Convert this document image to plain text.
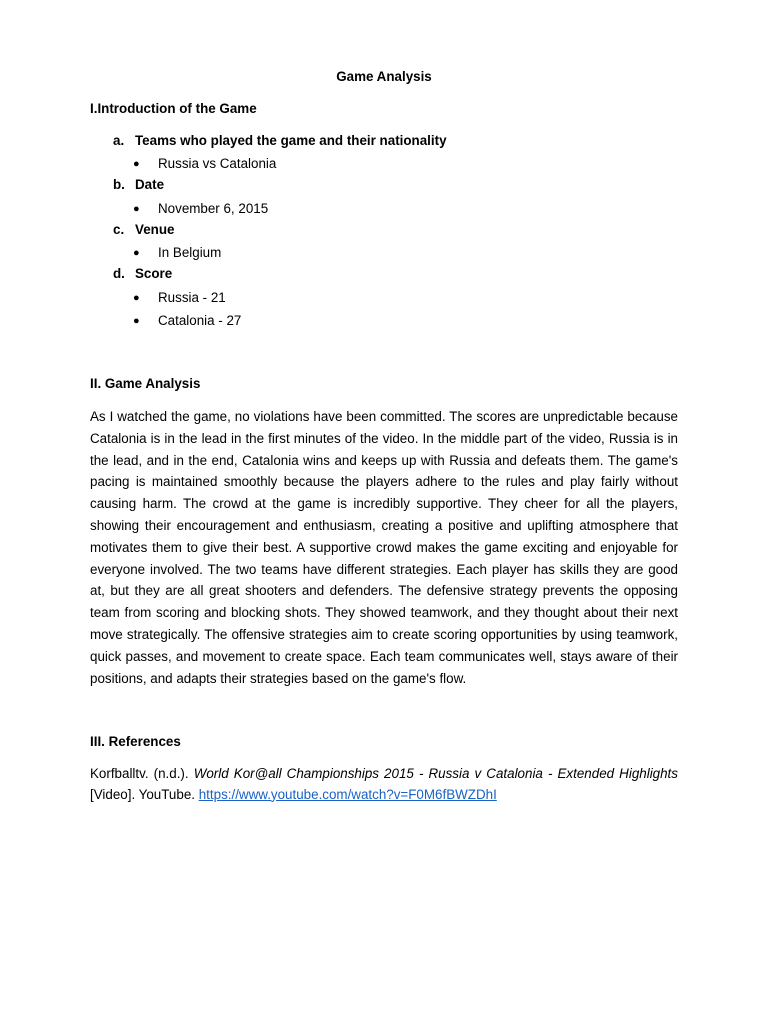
Game Analysis
I.Introduction of the Game
a. Teams who played the game and their nationality
● Russia vs Catalonia
b. Date
● November 6, 2015
c. Venue
● In Belgium
d. Score
● Russia - 21
● Catalonia - 27
II. Game Analysis
As I watched the game, no violations have been committed. The scores are unpredictable because Catalonia is in the lead in the first minutes of the video. In the middle part of the video, Russia is in the lead, and in the end, Catalonia wins and keeps up with Russia and defeats them. The game's pacing is maintained smoothly because the players adhere to the rules and play fairly without causing harm. The crowd at the game is incredibly supportive. They cheer for all the players, showing their encouragement and enthusiasm, creating a positive and uplifting atmosphere that motivates them to give their best. A supportive crowd makes the game exciting and enjoyable for everyone involved. The two teams have different strategies. Each player has skills they are good at, but they are all great shooters and defenders. The defensive strategy prevents the opposing team from scoring and blocking shots. They showed teamwork, and they thought about their next move strategically. The offensive strategies aim to create scoring opportunities by using teamwork, quick passes, and movement to create space. Each team communicates well, stays aware of their positions, and adapts their strategies based on the game's flow.
III. References
Korfballtv. (n.d.). World Kor@all Championships 2015 - Russia v Catalonia - Extended Highlights [Video]. YouTube. https://www.youtube.com/watch?v=F0M6fBWZDhI
